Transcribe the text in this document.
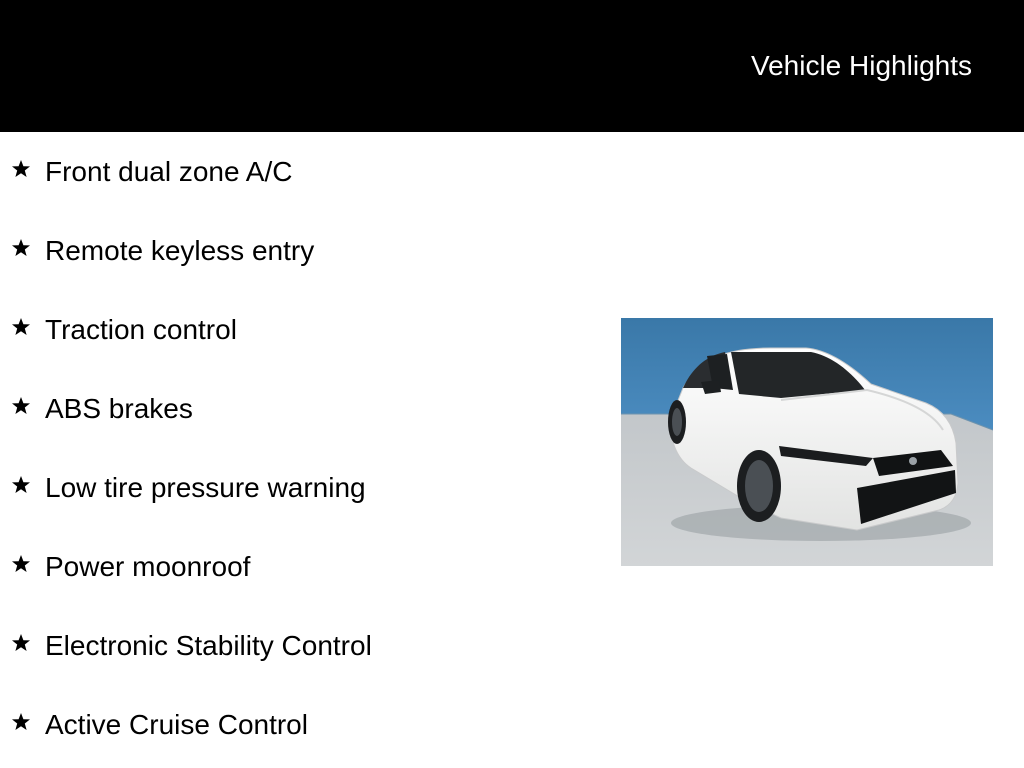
Vehicle Highlights
Front dual zone A/C
Remote keyless entry
Traction control
ABS brakes
Low tire pressure warning
Power moonroof
Electronic Stability Control
Active Cruise Control
